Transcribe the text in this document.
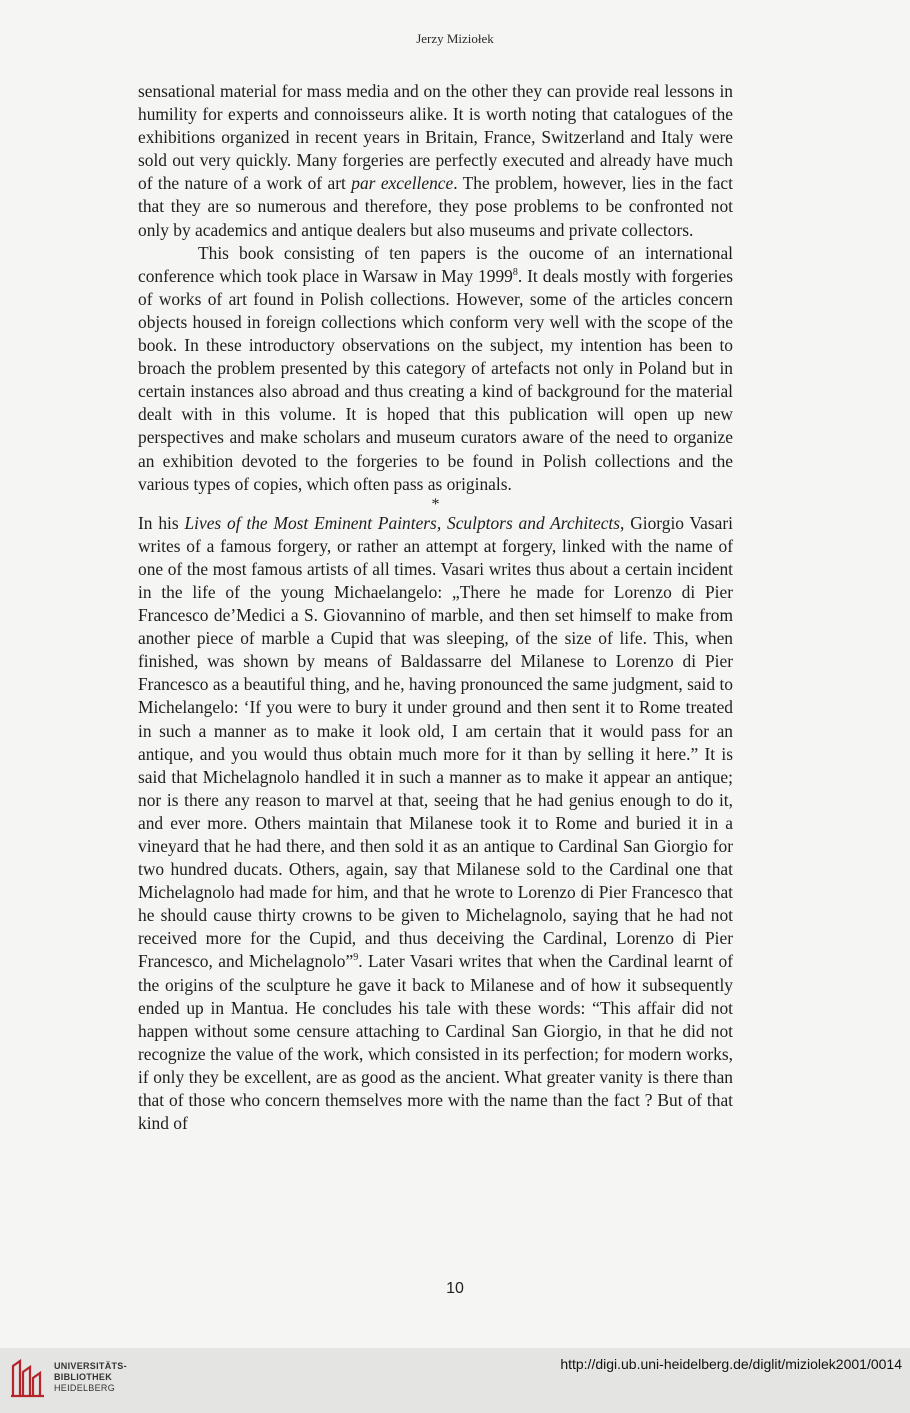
Jerzy Miziołek

sensational material for mass media and on the other they can provide real lessons in humility for experts and connoisseurs alike. It is worth noting that catalogues of the exhibitions organized in recent years in Britain, France, Switzerland and Italy were sold out very quickly. Many forgeries are perfectly executed and already have much of the nature of a work of art par excellence. The problem, however, lies in the fact that they are so numerous and therefore, they pose problems to be confronted not only by academics and antique dealers but also museums and private collectors.

This book consisting of ten papers is the oucome of an international conference which took place in Warsaw in May 1999$^8$. It deals mostly with forgeries of works of art found in Polish collections. However, some of the articles concern objects housed in foreign collections which conform very well with the scope of the book. In these introductory observations on the subject, my intention has been to broach the problem presented by this category of artefacts not only in Poland but in certain instances also abroad and thus creating a kind of background for the material dealt with in this volume. It is hoped that this publication will open up new perspectives and make scholars and museum curators aware of the need to organize an exhibition devoted to the forgeries to be found in Polish collections and the various types of copies, which often pass as originals.

*

In his Lives of the Most Eminent Painters, Sculptors and Architects, Giorgio Vasari writes of a famous forgery, or rather an attempt at forgery, linked with the name of one of the most famous artists of all times. Vasari writes thus about a certain incident in the life of the young Michaelangelo: „There he made for Lorenzo di Pier Francesco de’Medici a S. Giovannino of marble, and then set himself to make from another piece of marble a Cupid that was sleeping, of the size of life. This, when finished, was shown by means of Baldassarre del Milanese to Lorenzo di Pier Francesco as a beautiful thing, and he, having pronounced the same judgment, said to Michelangelo: ‘If you were to bury it under ground and then sent it to Rome treated in such a manner as to make it look old, I am certain that it would pass for an antique, and you would thus obtain much more for it than by selling it here.” It is said that Michelagnolo handled it in such a manner as to make it appear an antique; nor is there any reason to marvel at that, seeing that he had genius enough to do it, and ever more. Others maintain that Milanese took it to Rome and buried it in a vineyard that he had there, and then sold it as an antique to Cardinal San Giorgio for two hundred ducats. Others, again, say that Milanese sold to the Cardinal one that Michelagnolo had made for him, and that he wrote to Lorenzo di Pier Francesco that he should cause thirty crowns to be given to Michelagnolo, saying that he had not received more for the Cupid, and thus deceiving the Cardinal, Lorenzo di Pier Francesco, and Michelagnolo”$^9$. Later Vasari writes that when the Cardinal learnt of the origins of the sculpture he gave it back to Milanese and of how it subsequently ended up in Mantua. He concludes his tale with these words: “This affair did not happen without some censure attaching to Cardinal San Giorgio, in that he did not recognize the value of the work, which consisted in its perfection; for modern works, if only they be excellent, are as good as the ancient. What greater vanity is there than that of those who concern themselves more with the name than the fact ? But of that kind of

10
UNIVERSITÄTS-
BIBLIOTHEK
HEIDELBERG
http://digi.ub.uni-heidelberg.de/diglit/miziolek2001/0014
